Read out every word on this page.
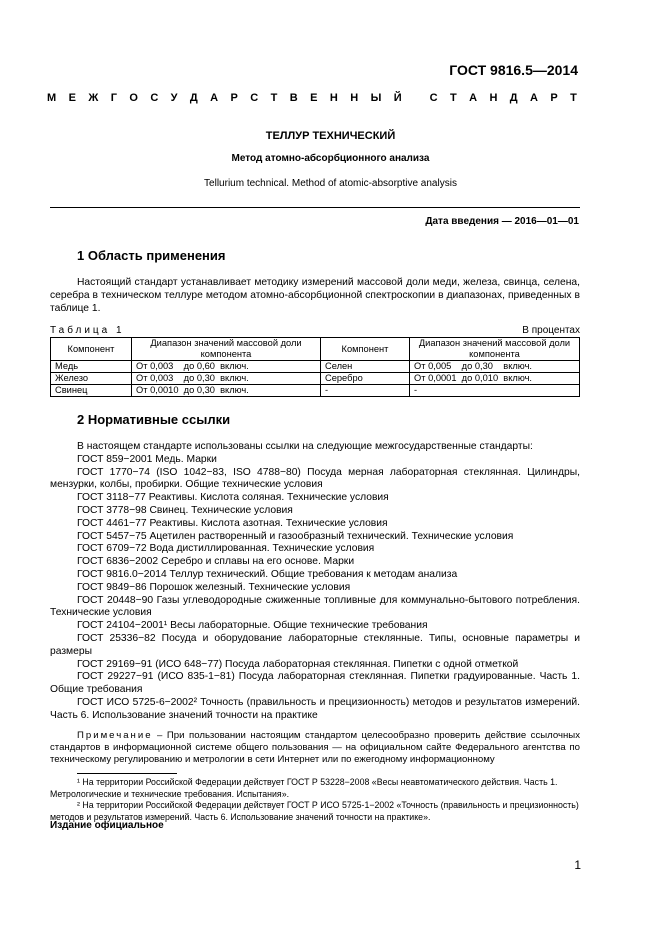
ГОСТ 9816.5—2014
М Е Ж Г О С У Д А Р С Т В Е Н Н Ы Й
	С Т А Н Д А Р Т
ТЕЛЛУР ТЕХНИЧЕСКИЙ
Метод атомно-абсорбционного анализа
Tellurium technical. Method of atomic-absorptive analysis
Дата введения — 2016—01—01
1 Область применения

Настоящий стандарт устанавливает методику измерений массовой доли меди, железа, свинца, селена, серебра в техническом теллуре методом атомно-абсорбционной спектроскопии в диапазонах, приведенных в таблице 1.

Таблица 1	В процентах
Компонент	Диапазон значений массовой доли компонента	Компонент	Диапазон значений массовой доли компонента
Медь	От 0,003    до 0,60  включ.	Селен	От 0,005    до 0,30    включ.
Железо	От 0,003    до 0,30  включ.	Серебро	От 0,0001  до 0,010  включ.
Свинец	От 0,0010  до 0,30  включ.	-	-
2 Нормативные ссылки
В настоящем стандарте использованы ссылки на следующие межгосударственные стандарты:
ГОСТ 859−2001 Медь. Марки
ГОСТ 1770−74 (ISO 1042−83, ISO 4788−80) Посуда мерная лабораторная стеклянная. Цилиндры, мензурки, колбы, пробирки. Общие технические условия
ГОСТ 3118−77 Реактивы. Кислота соляная. Технические условия
ГОСТ 3778−98 Свинец. Технические условия
ГОСТ 4461−77 Реактивы. Кислота азотная. Технические условия
ГОСТ 5457−75 Ацетилен растворенный и газообразный технический. Технические условия
ГОСТ 6709−72 Вода дистиллированная. Технические условия
ГОСТ 6836−2002 Серебро и сплавы на его основе. Марки
ГОСТ 9816.0−2014 Теллур технический. Общие требования к методам анализа
ГОСТ 9849−86 Порошок железный. Технические условия
ГОСТ 20448−90 Газы углеводородные сжиженные топливные для коммунально-бытового потребления. Технические условия
ГОСТ 24104−2001¹ Весы лабораторные. Общие технические требования
ГОСТ 25336−82 Посуда и оборудование лабораторные стеклянные. Типы, основные параметры и размеры
ГОСТ 29169−91 (ИСО 648−77) Посуда лабораторная стеклянная. Пипетки с одной отметкой
ГОСТ 29227−91 (ИСО 835-1−81) Посуда лабораторная стеклянная. Пипетки градуированные. Часть 1. Общие требования
ГОСТ ИСО 5725-6−2002² Точность (правильность и прецизионность) методов и результатов измерений. Часть 6. Использование значений точности на практике
Примечание – При пользовании настоящим стандартом целесообразно проверить действие ссылочных стандартов в информационной системе общего пользования — на официальном сайте Федерального агентства по техническому регулированию и метрологии в сети Интернет или по ежегодному информационному
¹ На территории Российской Федерации действует ГОСТ Р 53228−2008 «Весы неавтоматического действия. Часть 1. Метрологические и технические требования. Испытания».
² На территории Российской Федерации действует ГОСТ Р ИСО 5725-1−2002 «Точность (правильность и прецизионность) методов и результатов измерений. Часть 6. Использование значений точности на практике».
Издание официальное
1
